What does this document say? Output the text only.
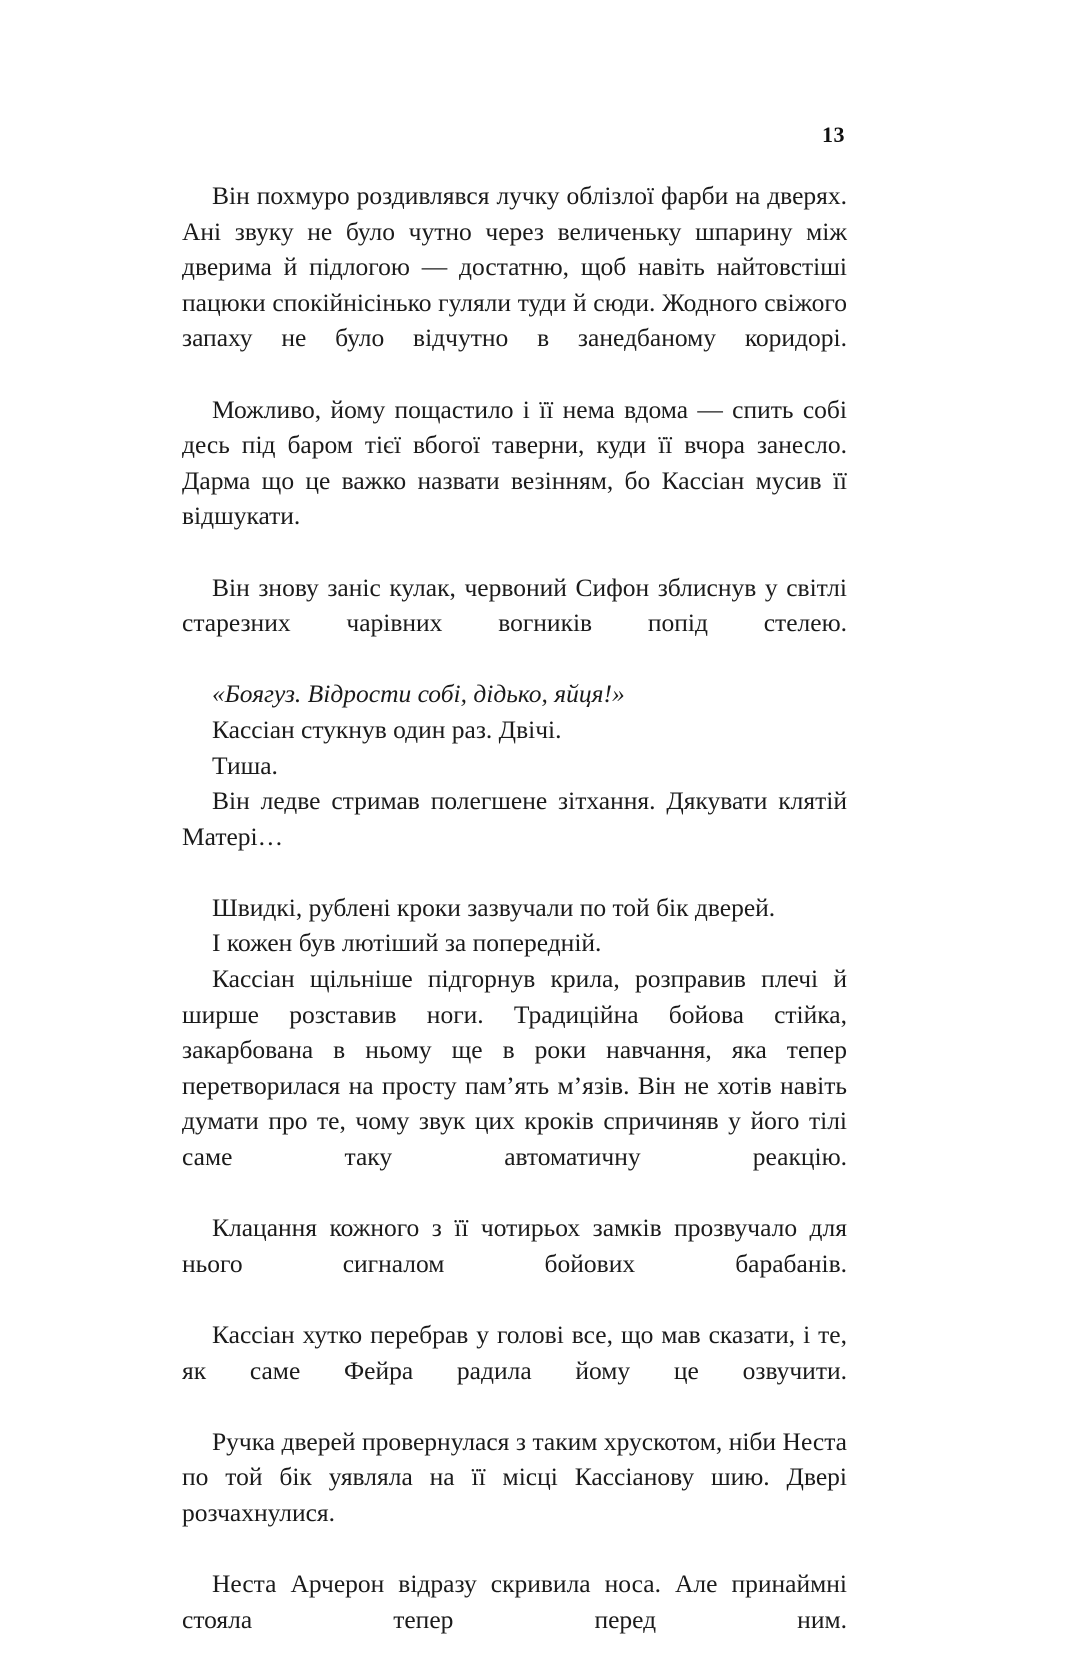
13

Він похмуро роздивлявся лучку облізлої фарби на дверях. Ані звуку не було чутно через величеньку шпарину між дверима й підлогою — достатню, щоб навіть найтовстіші пацюки спокійнісінько гуляли туди й сюди. Жодного свіжого запаху не було відчутно в занедбаному коридорі.

Можливо, йому пощастило і її нема вдома — спить собі десь під баром тієї вбогої таверни, куди її вчора занесло. Дарма що це важко назвати везінням, бо Кассіан мусив її відшукати.

Він знову заніс кулак, червоний Сифон зблиснув у світлі старезних чарівних вогників попід стелею.

«Боягуз. Відрости собі, дідько, яйця!»

Кассіан стукнув один раз. Двічі.

Тиша.

Він ледве стримав полегшене зітхання. Дякувати клятій Матері…

Швидкі, рублені кроки зазвучали по той бік дверей.

І кожен був лютіший за попередній.

Кассіан щільніше підгорнув крила, розправив плечі й ширше розставив ноги. Традиційна бойова стійка, закарбована в ньому ще в роки навчання, яка тепер перетворилася на просту пам’ять м’язів. Він не хотів навіть думати про те, чому звук цих кроків спричиняв у його тілі саме таку автоматичну реакцію.

Клацання кожного з її чотирьох замків прозвучало для нього сигналом бойових барабанів.

Кассіан хутко перебрав у голові все, що мав сказати, і те, як саме Фейра радила йому це озвучити.

Ручка дверей провернулася з таким хрускотом, ніби Неста по той бік уявляла на її місці Кассіанову шию. Двері розчахнулися.

Неста Арчерон відразу скривила носа. Але принаймні стояла тепер перед ним.
